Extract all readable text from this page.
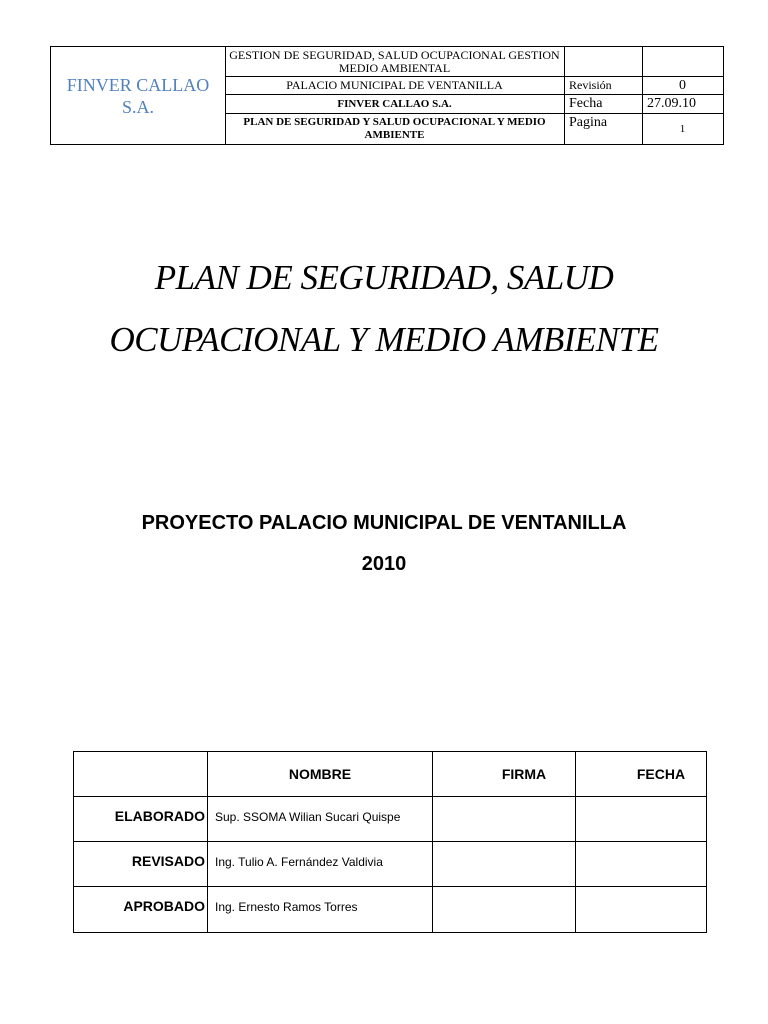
FINVER CALLAO S.A.
GESTION DE SEGURIDAD, SALUD OCUPACIONAL GESTION MEDIO AMBIENTAL
PALACIO MUNICIPAL DE VENTANILLA
FINVER CALLAO S.A.
PLAN DE SEGURIDAD Y SALUD OCUPACIONAL Y MEDIO AMBIENTE
Revisión
Fecha
Pagina
0
27.09.10
1
PLAN DE SEGURIDAD, SALUD
OCUPACIONAL Y MEDIO AMBIENTE
PROYECTO PALACIO MUNICIPAL DE VENTANILLA
2010
ELABORADO
REVISADO
APROBADO
NOMBRE
Sup. SSOMA Wilian Sucari Quispe
Ing. Tulio A. Fernández Valdivia
Ing. Ernesto Ramos Torres
FIRMA	FECHA
